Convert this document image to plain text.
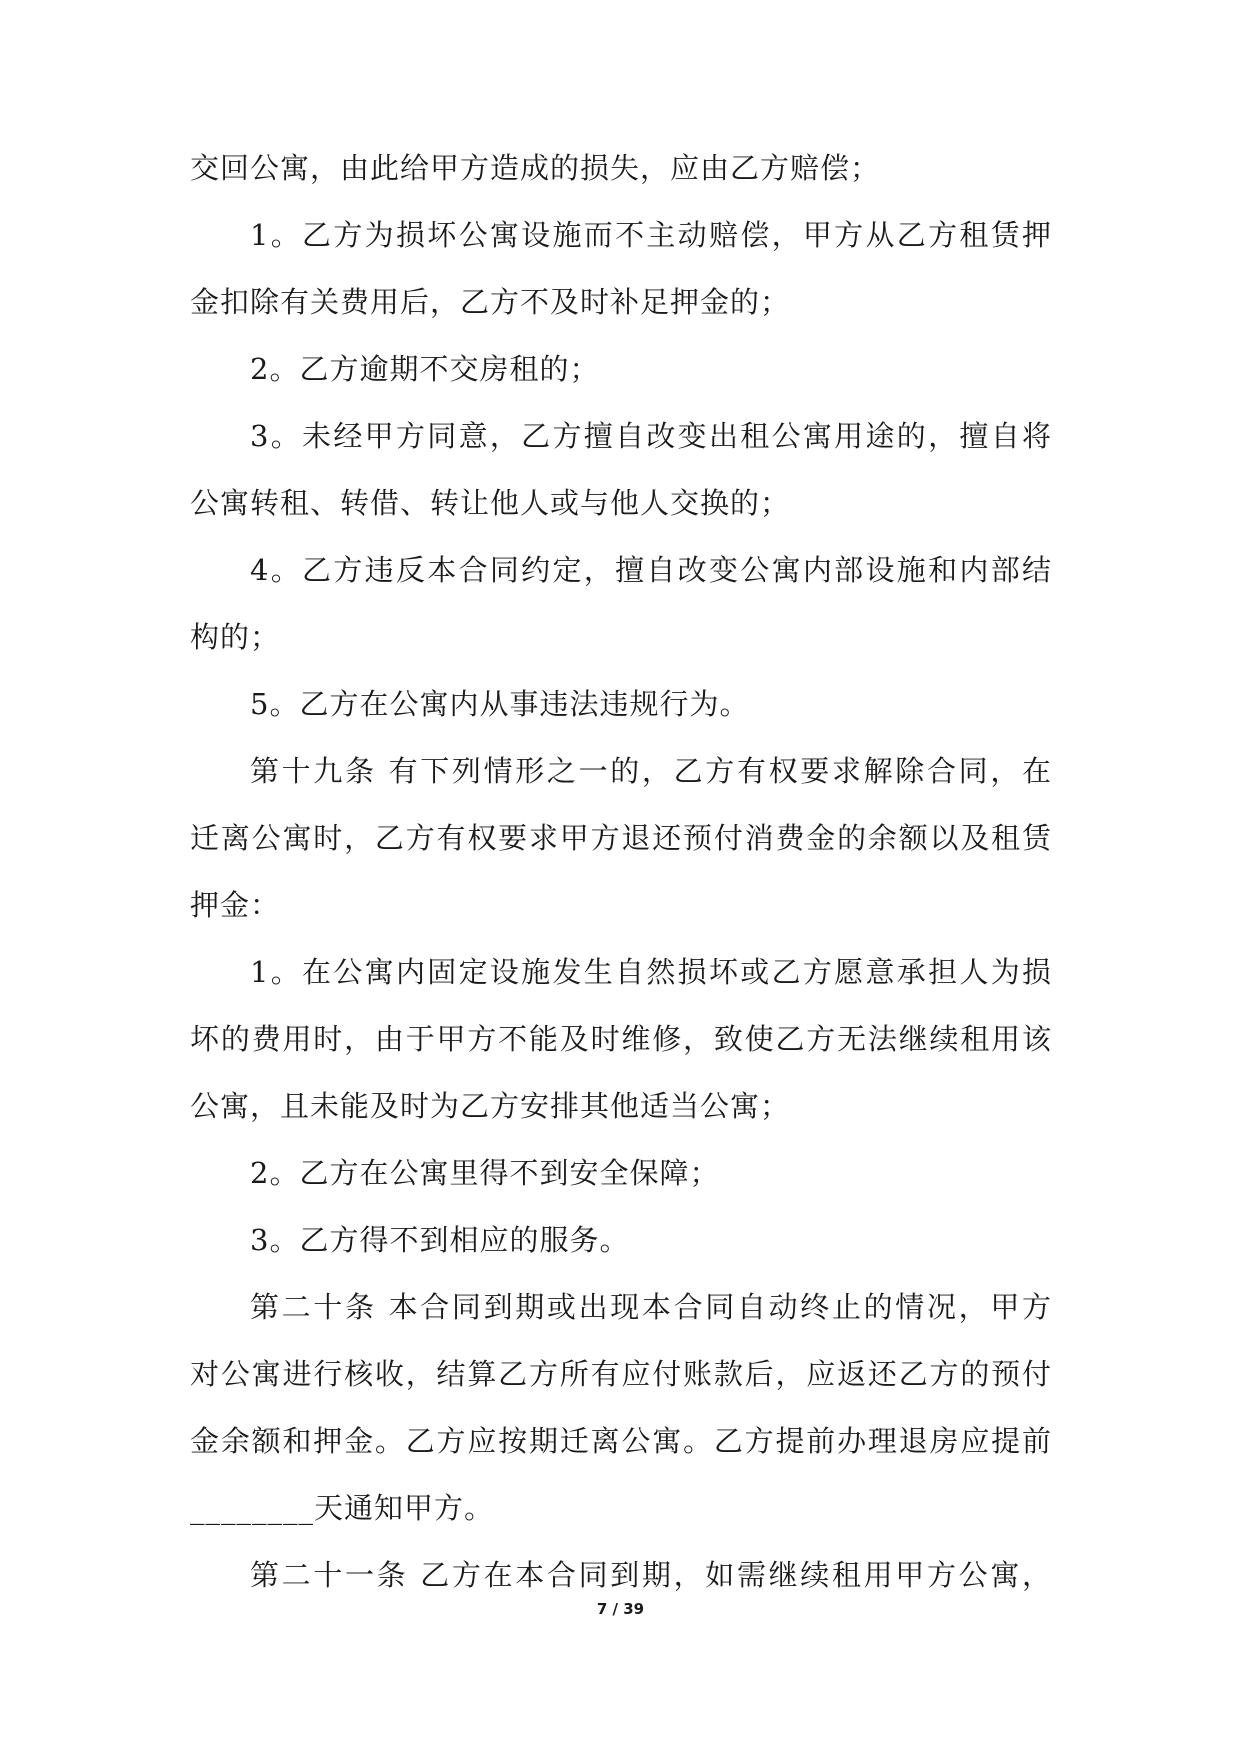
交回公寓，由此给甲方造成的损失，应由乙方赔偿；
1。乙方为损坏公寓设施而不主动赔偿，甲方从乙方租赁押
金扣除有关费用后，乙方不及时补足押金的；
2。乙方逾期不交房租的；
3。未经甲方同意，乙方擅自改变出租公寓用途的，擅自将
公寓转租、转借、转让他人或与他人交换的；
4。乙方违反本合同约定，擅自改变公寓内部设施和内部结
构的；
5。乙方在公寓内从事违法违规行为。
第十九条 有下列情形之一的，乙方有权要求解除合同，在
迁离公寓时，乙方有权要求甲方退还预付消费金的余额以及租赁
押金：
1。在公寓内固定设施发生自然损坏或乙方愿意承担人为损
坏的费用时，由于甲方不能及时维修，致使乙方无法继续租用该
公寓，且未能及时为乙方安排其他适当公寓；
2。乙方在公寓里得不到安全保障；
3。乙方得不到相应的服务。
第二十条 本合同到期或出现本合同自动终止的情况，甲方
对公寓进行核收，结算乙方所有应付账款后，应返还乙方的预付
金余额和押金。乙方应按期迁离公寓。乙方提前办理退房应提前
________天通知甲方。
第二十一条 乙方在本合同到期，如需继续租用甲方公寓，
7 / 39
